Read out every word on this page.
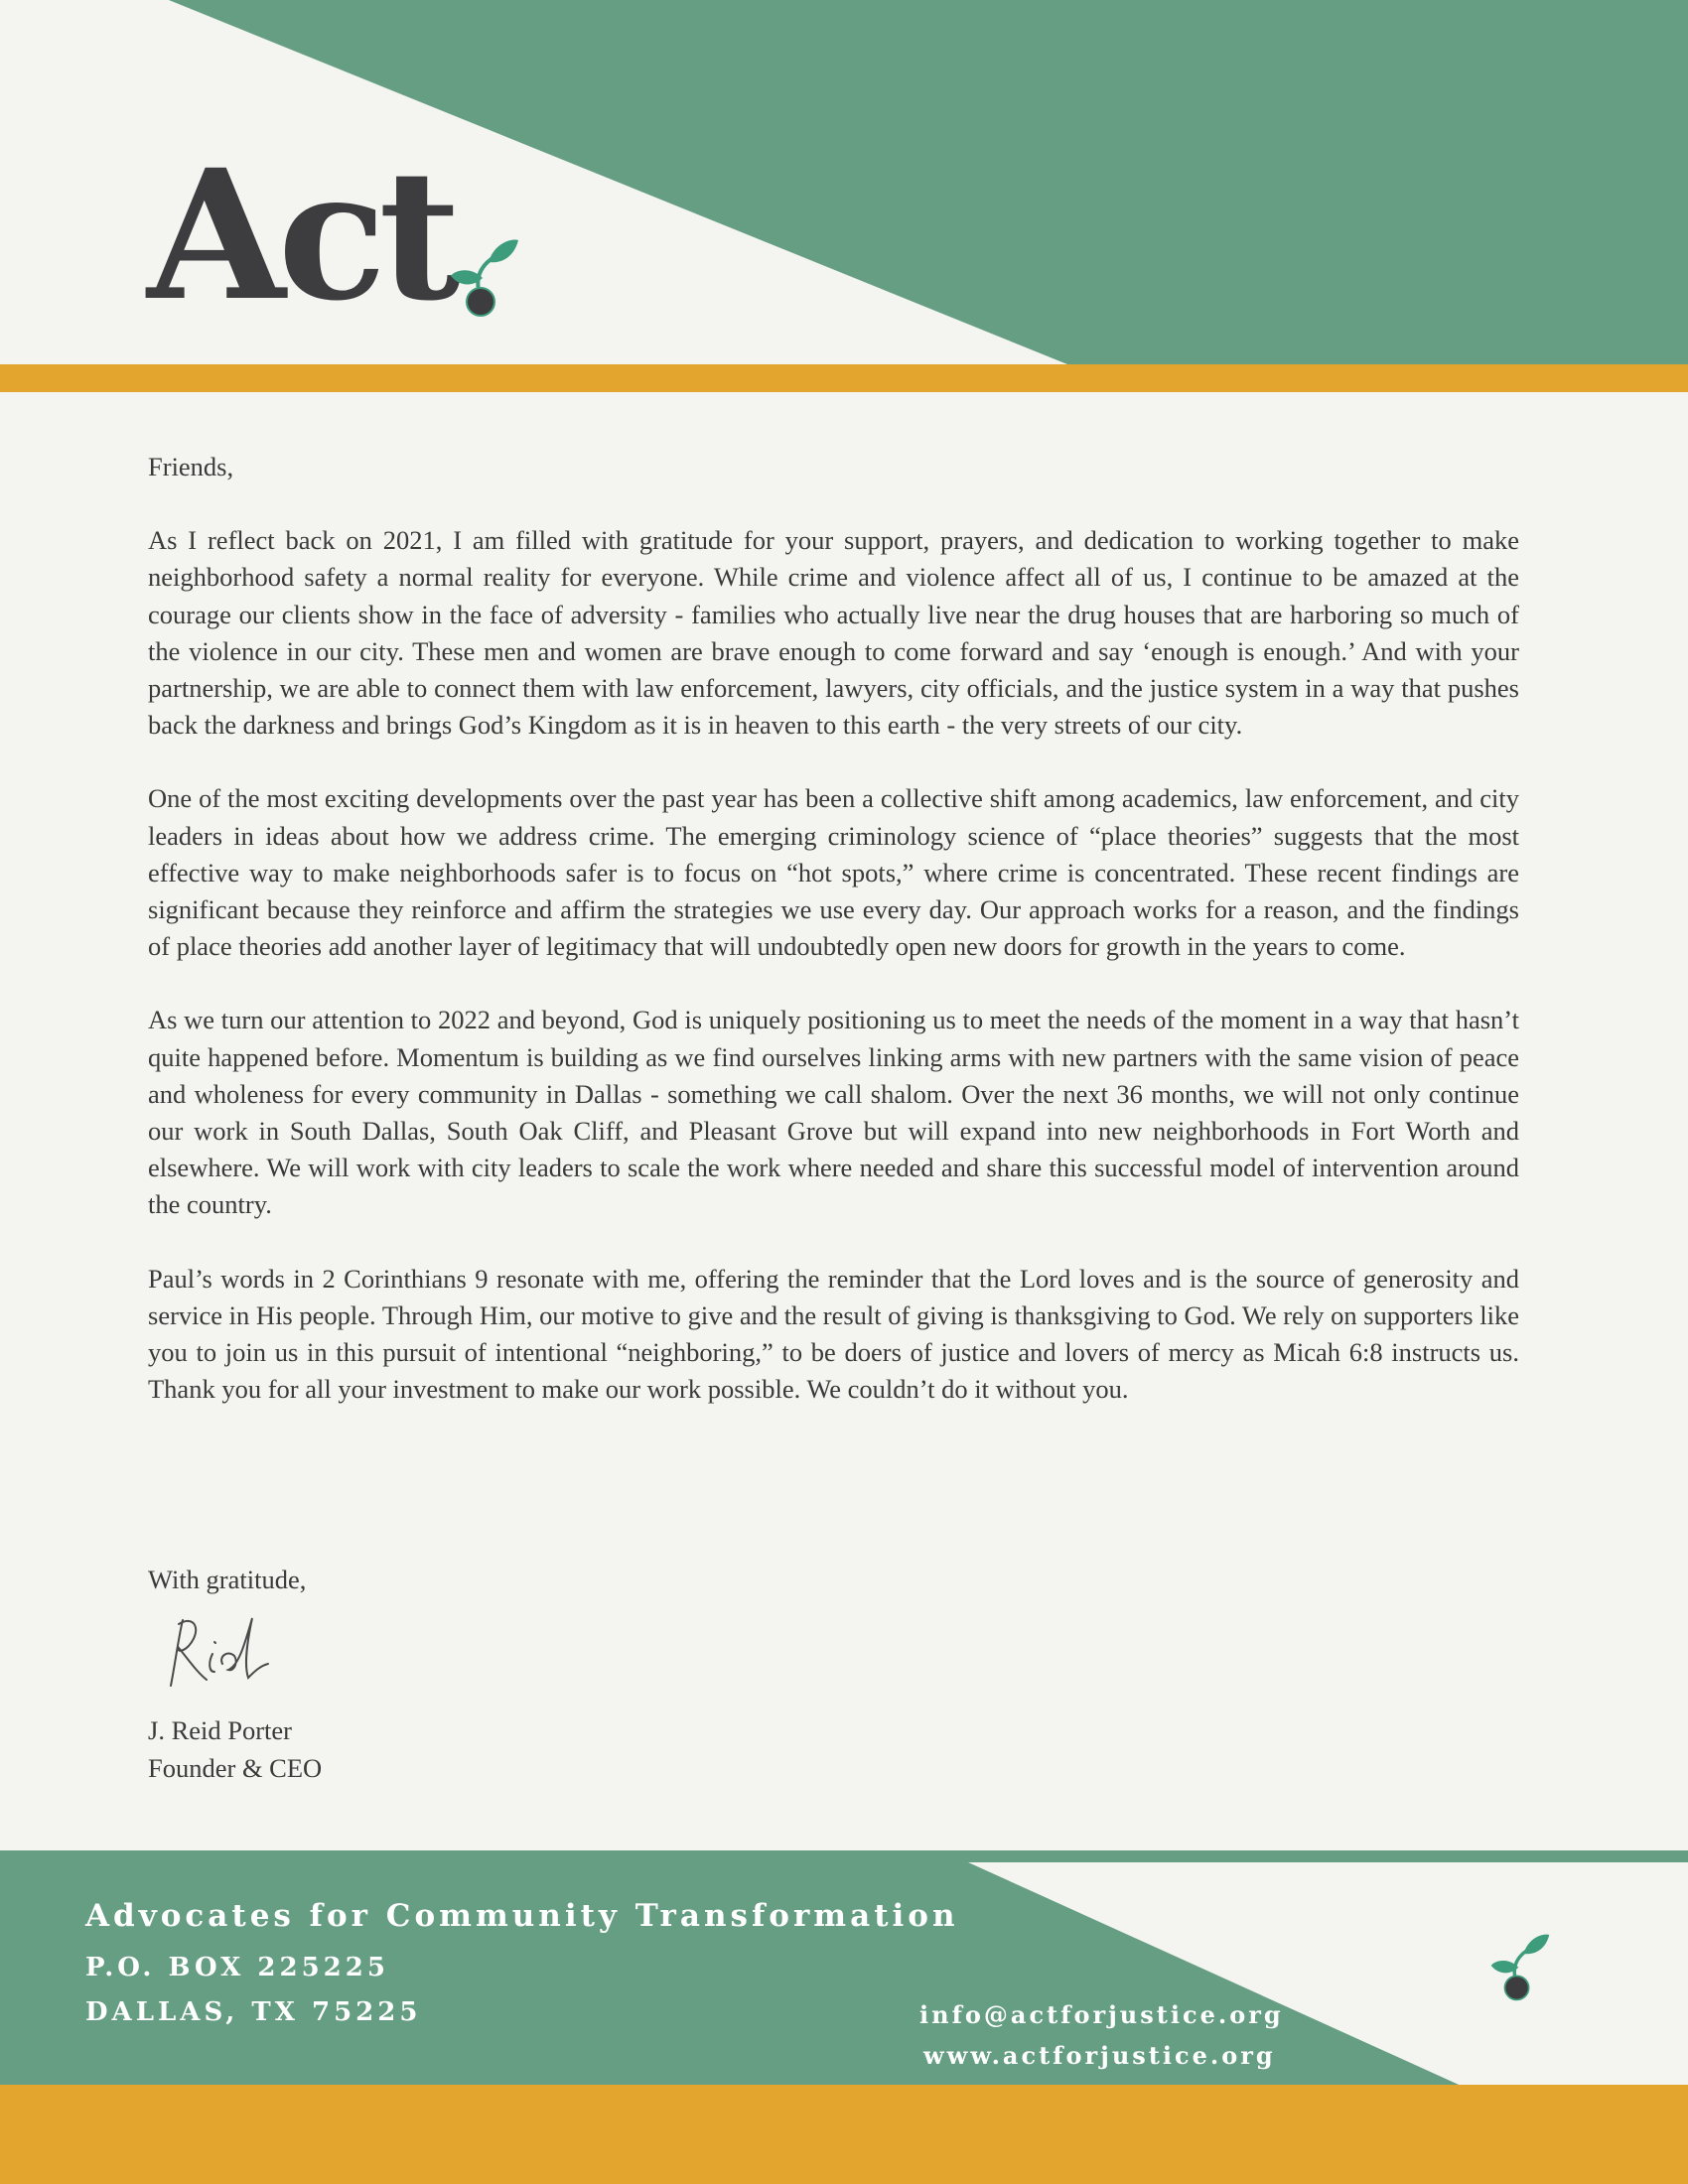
Act

Friends,

As I reflect back on 2021, I am filled with gratitude for your support, prayers, and dedication to working together to make neighborhood safety a normal reality for everyone. While crime and violence affect all of us, I continue to be amazed at the courage our clients show in the face of adversity - families who actually live near the drug houses that are harboring so much of the violence in our city. These men and women are brave enough to come forward and say ‘enough is enough.’ And with your partnership, we are able to connect them with law enforcement, lawyers, city officials, and the justice system in a way that pushes back the darkness and brings God’s Kingdom as it is in heaven to this earth - the very streets of our city.

One of the most exciting developments over the past year has been a collective shift among academics, law enforcement, and city leaders in ideas about how we address crime. The emerging criminology science of “place theories” suggests that the most effective way to make neighborhoods safer is to focus on “hot spots,” where crime is concentrated. These recent findings are significant because they reinforce and affirm the strategies we use every day. Our approach works for a reason, and the findings of place theories add another layer of legitimacy that will undoubtedly open new doors for growth in the years to come.

As we turn our attention to 2022 and beyond, God is uniquely positioning us to meet the needs of the moment in a way that hasn’t quite happened before. Momentum is building as we find ourselves linking arms with new partners with the same vision of peace and wholeness for every community in Dallas - something we call shalom. Over the next 36 months, we will not only continue our work in South Dallas, South Oak Cliff, and Pleasant Grove but will expand into new neighborhoods in Fort Worth and elsewhere. We will work with city leaders to scale the work where needed and share this successful model of intervention around the country.

Paul’s words in 2 Corinthians 9 resonate with me, offering the reminder that the Lord loves and is the source of generosity and service in His people. Through Him, our motive to give and the result of giving is thanksgiving to God. We rely on supporters like you to join us in this pursuit of intentional “neighboring,” to be doers of justice and lovers of mercy as Micah 6:8 instructs us. Thank you for all your investment to make our work possible. We couldn’t do it without you.

With gratitude,
J. Reid Porter
Founder & CEO

Advocates for Community Transformation

P.O. BOX 225225

DALLAS, TX 75225	info@actforjustice.org

www.actforjustice.org
